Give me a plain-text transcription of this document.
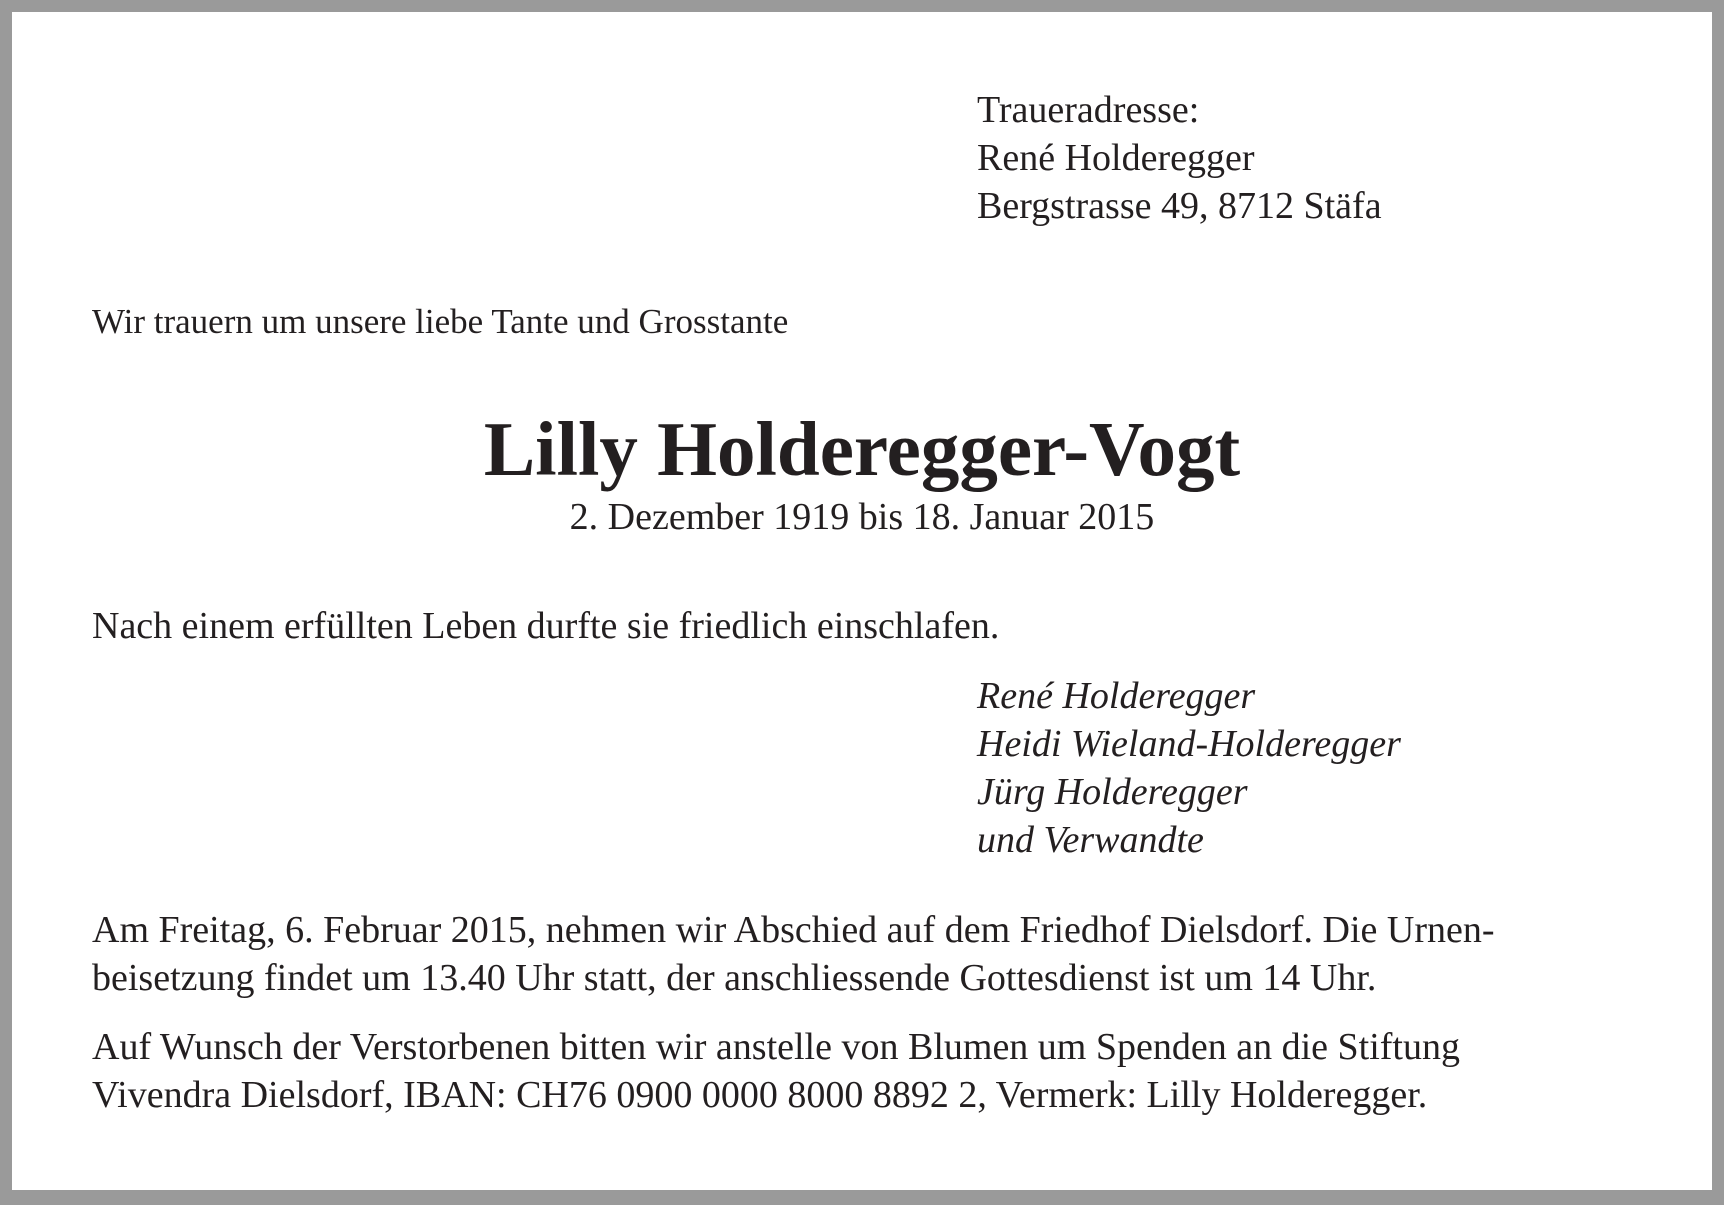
Traueradresse:
René Holderegger
Bergstrasse 49, 8712 Stäfa
Wir trauern um unsere liebe Tante und Grosstante
Lilly Holderegger-Vogt
2. Dezember 1919 bis 18. Januar 2015
Nach einem erfüllten Leben durfte sie friedlich einschlafen.
René Holderegger
Heidi Wieland-Holderegger
Jürg Holderegger
und Verwandte
Am Freitag, 6. Februar 2015, nehmen wir Abschied auf dem Friedhof Dielsdorf. Die Urnen-
beisetzung findet um 13.40 Uhr statt, der anschliessende Gottesdienst ist um 14 Uhr.
Auf Wunsch der Verstorbenen bitten wir anstelle von Blumen um Spenden an die Stiftung
Vivendra Dielsdorf, IBAN: CH76 0900 0000 8000 8892 2, Vermerk: Lilly Holderegger.
